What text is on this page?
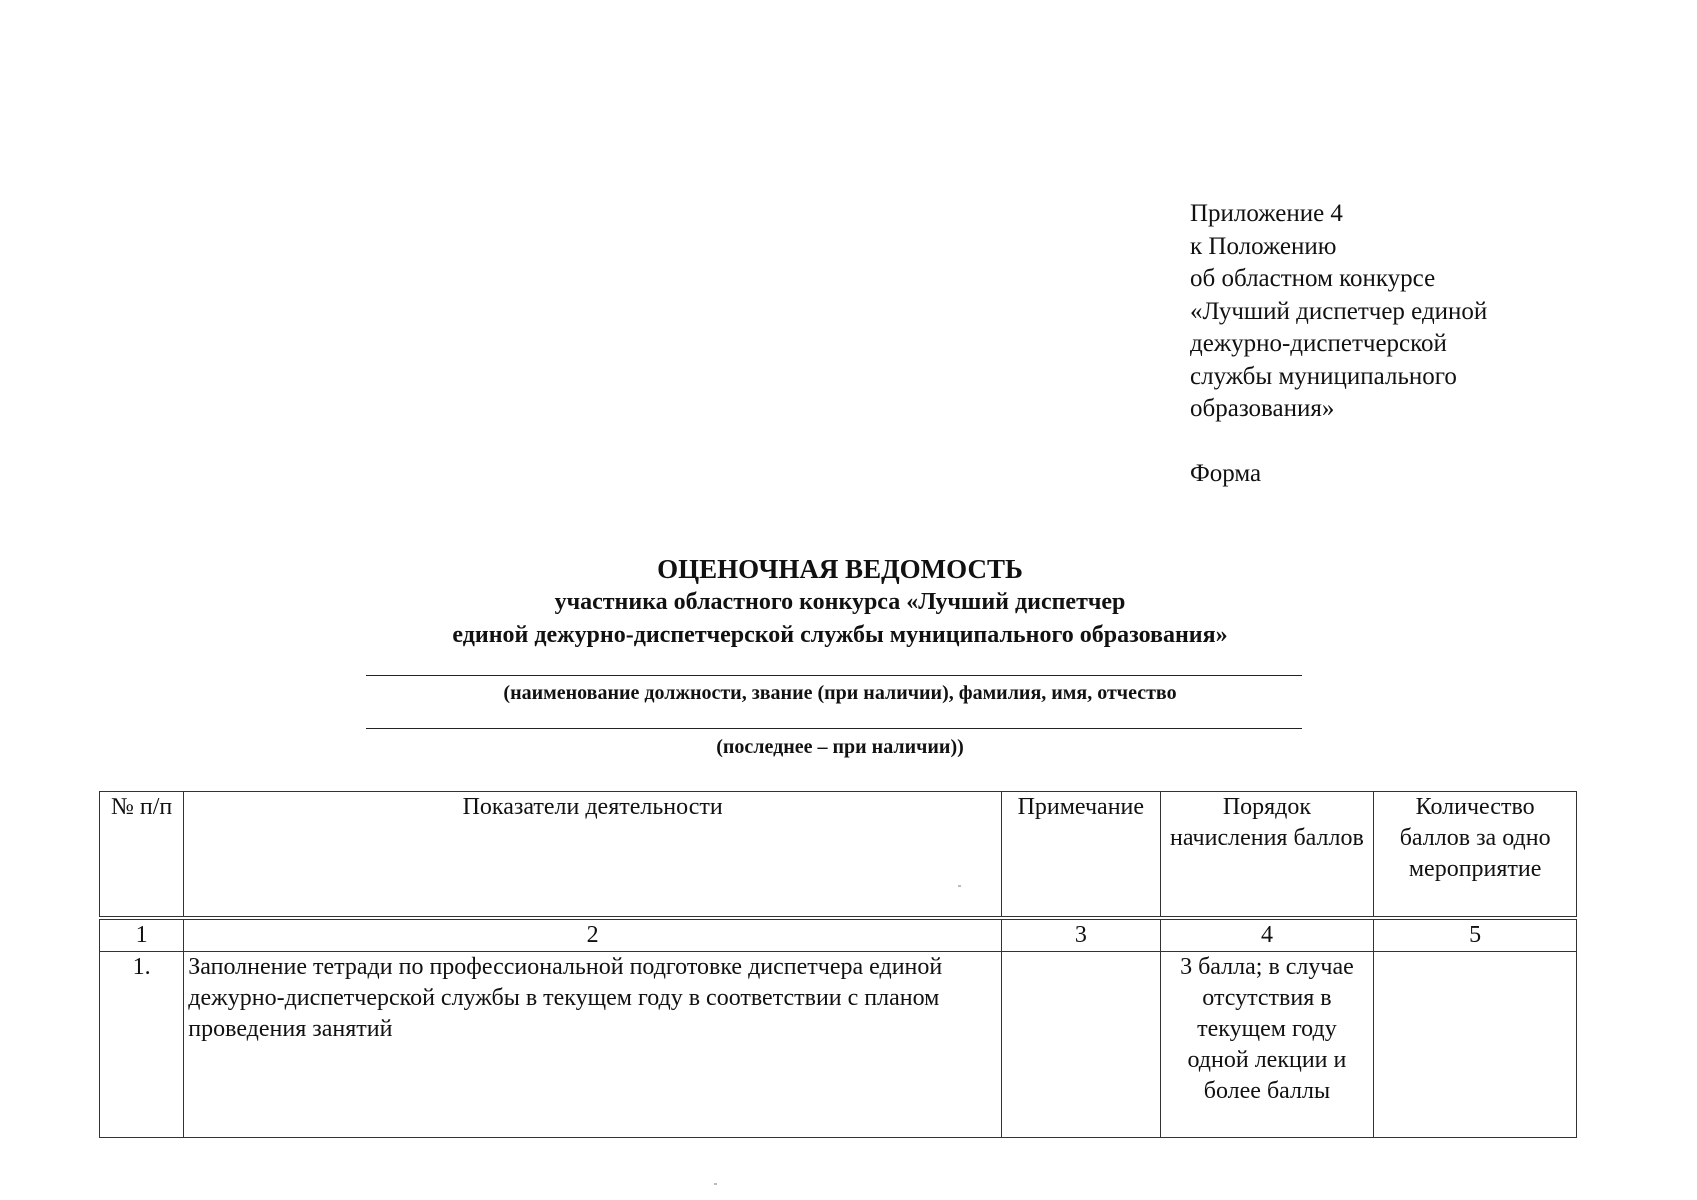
Приложение 4
к Положению
об областном конкурсе
«Лучший диспетчер единой
дежурно-диспетчерской
службы муниципального
образования»
Форма
ОЦЕНОЧНАЯ ВЕДОМОСТЬ
участника областного конкурса «Лучший диспетчер
единой дежурно-диспетчерской службы муниципального образования»
(наименование должности, звание (при наличии), фамилия, имя, отчество
(последнее – при наличии))
№ п/п	Показатели деятельности	Примечание	Порядок начисления баллов	Количество баллов за одно мероприятие
1	2	3	4	5
1.	Заполнение тетради по профессиональной подготовке диспетчера единой дежурно-диспетчерской службы в текущем году в соответствии с планом проведения занятий		3 балла; в случае отсутствия в текущем году одной лекции и более баллы	
